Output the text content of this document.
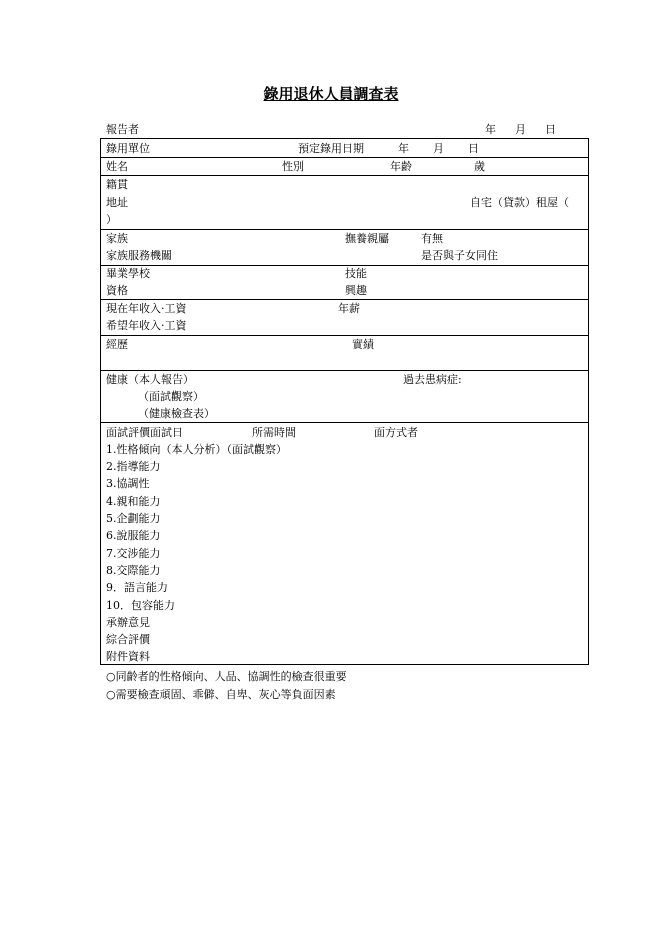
錄用退休人員調查表
報告者	年 月 日
錄用單位	預定錄用日期	年 月 日
姓名	性別	年齡	歲
籍貫
地址	自宅（貸款）租屋（
）
家族	撫養親屬	有無
家族服務機關	是否與子女同住
畢業學校	技能
資格	興趣
現在年收入·工資	年薪
希望年收入·工資
經歷	實績
健康（本人報告）	過去患病症:
（面試觀察）
（健康檢查表）
面試評價面試日	所需時間	面方式者
1.性格傾向（本人分析）（面試觀察）
2.指導能力
3.協調性
4.親和能力
5.企劃能力
6.說服能力
7.交涉能力
8.交際能力
9．語言能力
10．包容能力
承辦意見
綜合評價
附件資料
○同齡者的性格傾向、人品、協調性的檢查很重要
○需要檢查頑固、乖僻、自卑、灰心等負面因素
